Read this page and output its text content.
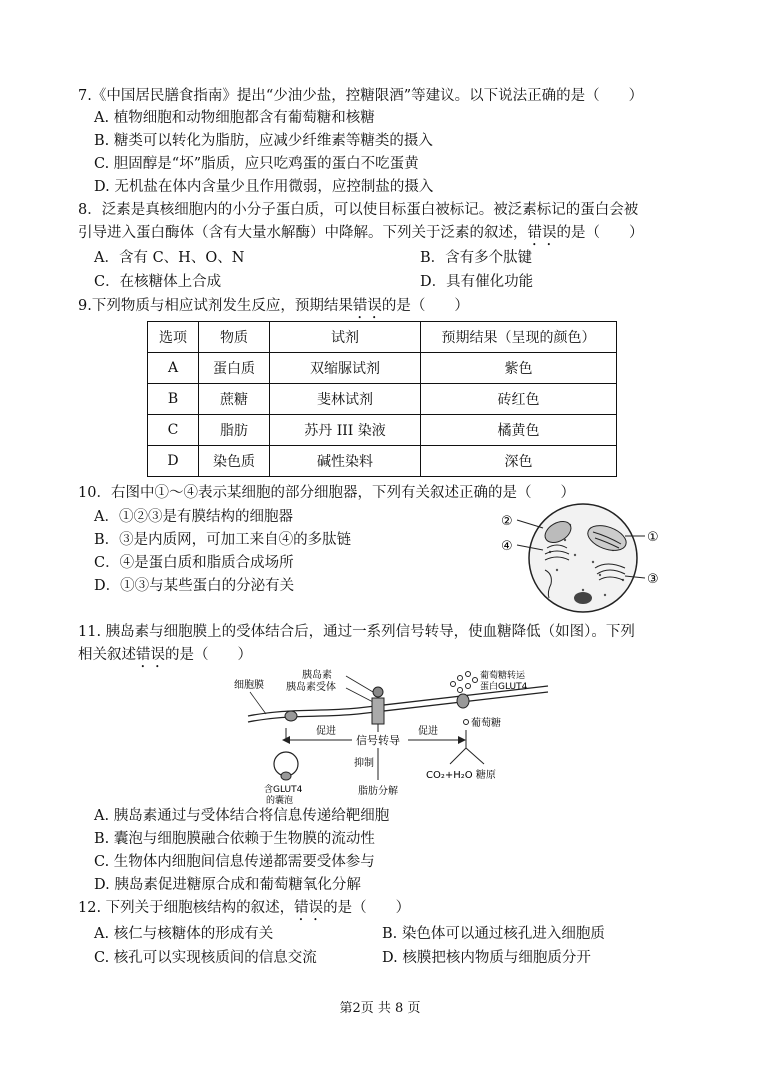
7.《中国居民膳食指南》提出“少油少盐，控糖限酒”等建议。以下说法正确的是（　　）
A. 植物细胞和动物细胞都含有葡萄糖和核糖
B. 糖类可以转化为脂肪，应减少纤维素等糖类的摄入
C. 胆固醇是“坏”脂质，应只吃鸡蛋的蛋白不吃蛋黄
D. 无机盐在体内含量少且作用微弱，应控制盐的摄入
8．泛素是真核细胞内的小分子蛋白质，可以使目标蛋白被标记。被泛素标记的蛋白会被
引导进入蛋白酶体（含有大量水解酶）中降解。下列关于泛素的叙述，错误的是（　　）
A．含有 C、H、O、N	B．含有多个肽键
C．在核糖体上合成	D．具有催化功能
9.下列物质与相应试剂发生反应，预期结果错误的是（　　）
选项	物质	试剂	预期结果（呈现的颜色）
A	蛋白质	双缩脲试剂	紫色
B	蔗糖	斐林试剂	砖红色
C	脂肪	苏丹 III 染液	橘黄色
D	染色质	碱性染料	深色
10．右图中①～④表示某细胞的部分细胞器，下列有关叙述正确的是（　　）
A．①②③是有膜结构的细胞器
B．③是内质网，可加工来自④的多肽链
C．④是蛋白质和脂质合成场所
D．①③与某些蛋白的分泌有关
②
④
①
③
11. 胰岛素与细胞膜上的受体结合后，通过一系列信号转导，使血糖降低（如图）。下列
相关叙述错误的是（　　）
细胞膜
胰岛素
胰岛素受体
葡萄糖转运
蛋白GLUT4
葡萄糖
信号转导
促进	促进
CO₂+H₂O 糖原
抑制
脂肪分解
含GLUT4
的囊泡
A. 胰岛素通过与受体结合将信息传递给靶细胞
B. 囊泡与细胞膜融合依赖于生物膜的流动性
C. 生物体内细胞间信息传递都需要受体参与
D. 胰岛素促进糖原合成和葡萄糖氧化分解
12. 下列关于细胞核结构的叙述，错误的是（　　）
A. 核仁与核糖体的形成有关	B. 染色体可以通过核孔进入细胞质
C. 核孔可以实现核质间的信息交流	D. 核膜把核内物质与细胞质分开
第2页 共 8 页
